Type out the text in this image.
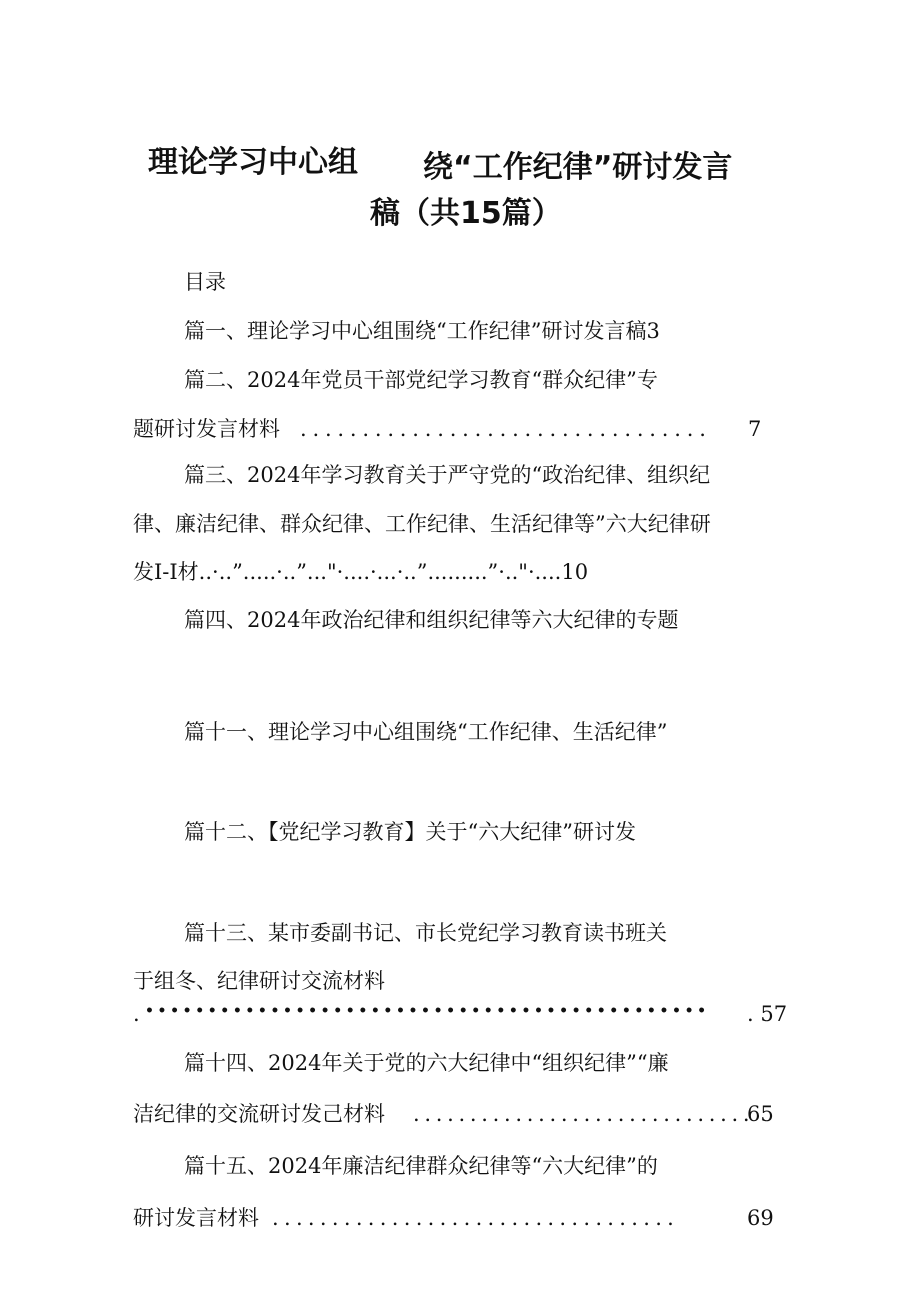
理论学习中心组 绕“工作纪律”研讨发言
稿（共15篇）
目录
篇一、理论学习中心组围绕“工作纪律”研讨发言稿3
篇二、2024年党员干部党纪学习教育“群众纪律”专
题研讨发言材料 ................................. 7
篇三、2024年学习教育关于严守党的“政治纪律、组织纪
律、廉洁纪律、群众纪律、工作纪律、生活纪律等”六大纪律研
发I-I材..·..”.....·..”..."·....·...·..”.........”·.."·....10
篇四、2024年政治纪律和组织纪律等六大纪律的专题
篇十一、理论学习中心组围绕“工作纪律、生活纪律”
篇十二、【党纪学习教育】关于“六大纪律”研讨发
篇十三、某市委副书记、市长党纪学习教育读书班关
于组冬、纪律研讨交流材料
. ••••••••••••••••••••••••••••••••••••••••••••• . 57
篇十四、2024年关于党的六大纪律中“组织纪律”“廉
洁纪律的交流研讨发己材料 ..............................
65
篇十五、2024年廉洁纪律群众纪律等“六大纪律”的
研讨发言材料 ..................................	69
